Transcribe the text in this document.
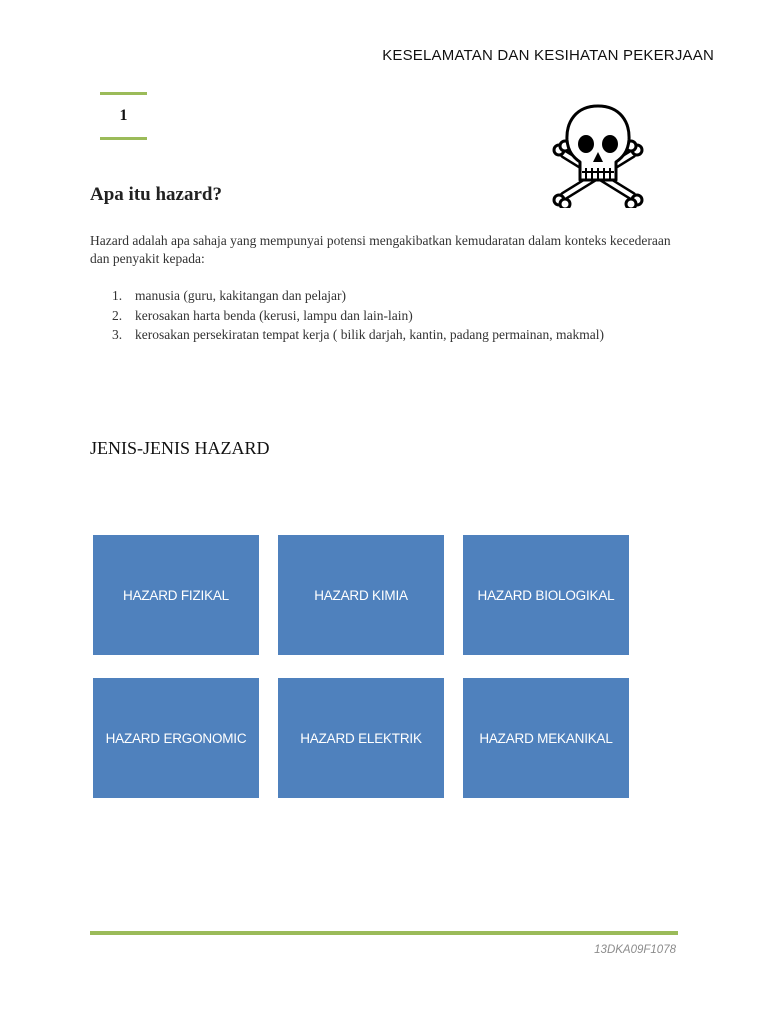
KESELAMATAN DAN KESIHATAN PEKERJAAN
1
Apa itu hazard?

Hazard adalah apa sahaja yang mempunyai potensi mengakibatkan kemudaratan dalam konteks kecederaan dan penyakit kepada:

1. manusia (guru, kakitangan dan pelajar)
2. kerosakan harta benda (kerusi, lampu dan lain-lain)
3. kerosakan persekiratan tempat kerja ( bilik darjah, kantin, padang permainan, makmal)
JENIS-JENIS HAZARD
HAZARD FIZIKAL	HAZARD KIMIA	HAZARD BIOLOGIKAL
HAZARD ERGONOMIC	HAZARD ELEKTRIK	HAZARD MEKANIKAL
13DKA09F1078
